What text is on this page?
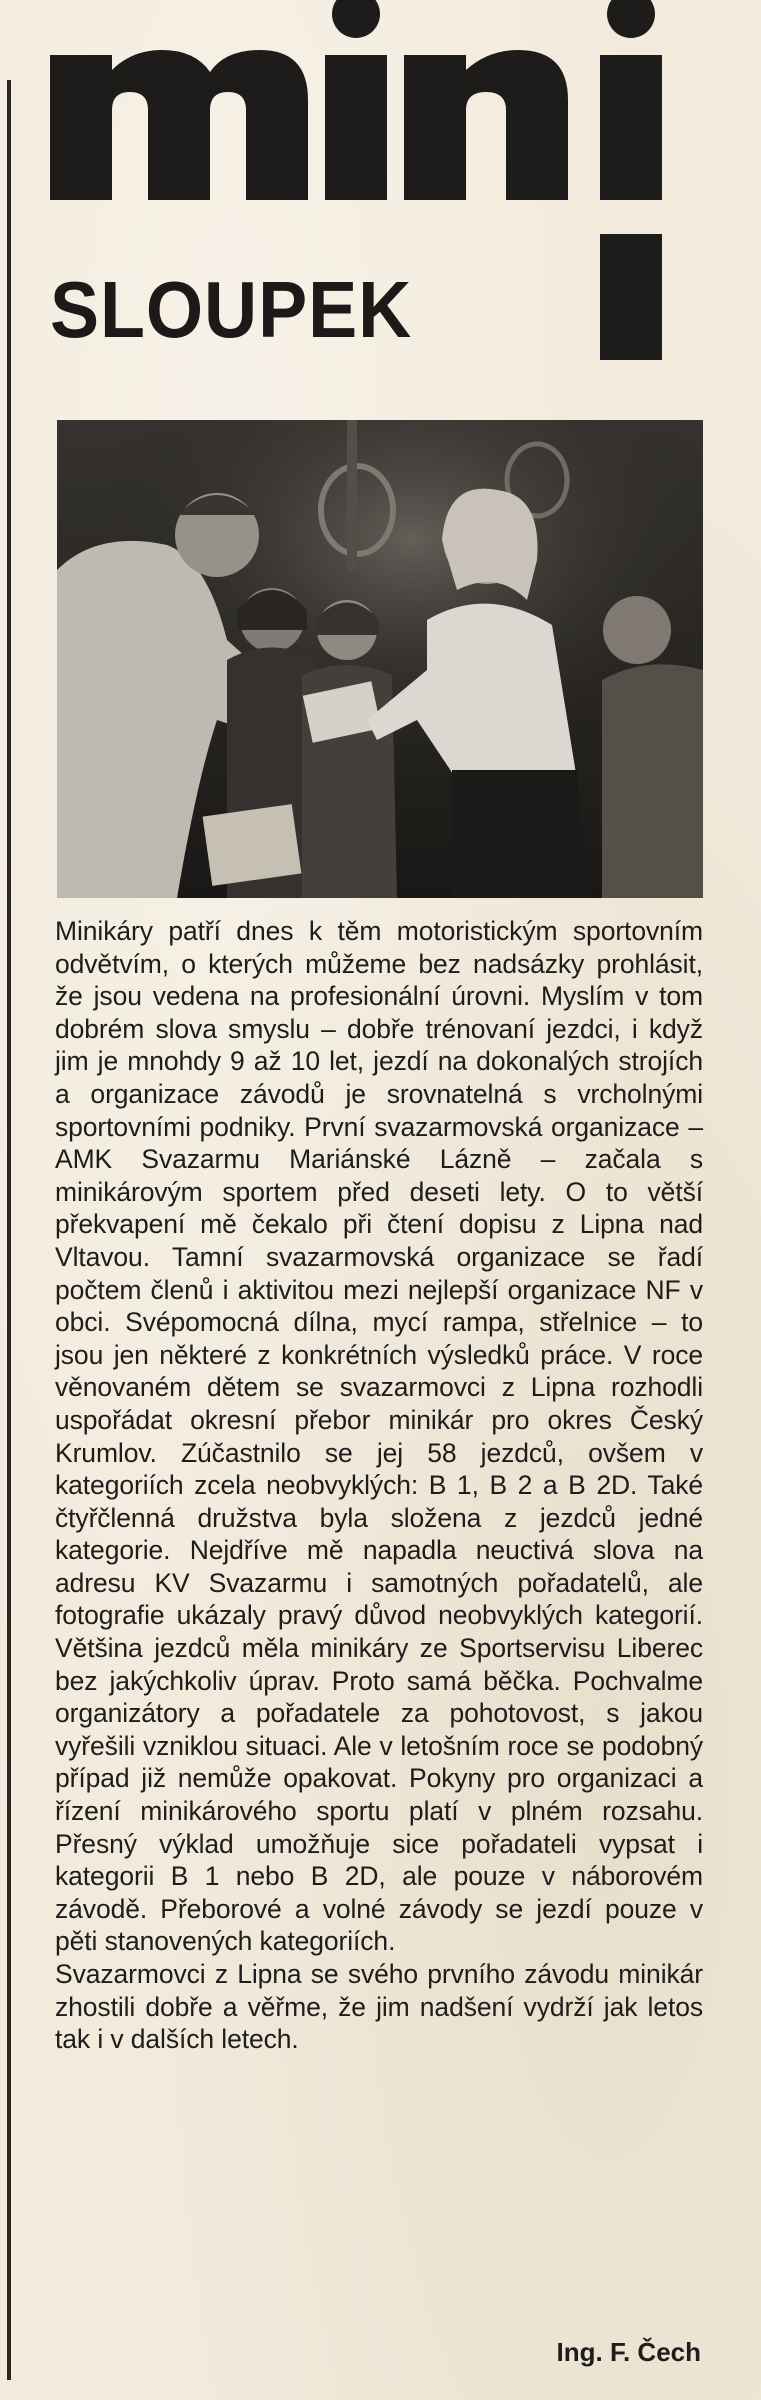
SLOUPEK

Minikáry patří dnes k těm motoristickým sportovním odvětvím, o kterých můžeme bez nadsázky prohlásit, že jsou vedena na profesionální úrovni. Myslím v tom dobrém slova smyslu – dobře trénovaní jezdci, i když jim je mnohdy 9 až 10 let, jezdí na dokonalých strojích a organizace závodů je srovnatelná s vrcholnými sportovními podniky. První svazarmovská organizace – AMK Svazarmu Mariánské Lázně – začala s minikárovým sportem před deseti lety. O to větší překvapení mě čekalo při čtení dopisu z Lipna nad Vltavou. Tamní svazarmovská organizace se řadí počtem členů i aktivitou mezi nejlepší organizace NF v obci. Svépomocná dílna, mycí rampa, střelnice – to jsou jen některé z konkrétních výsledků práce. V roce věnovaném dětem se svazarmovci z Lipna rozhodli uspořádat okresní přebor minikár pro okres Český Krumlov. Zúčastnilo se jej 58 jezdců, ovšem v kategoriích zcela neobvyklých: B 1, B 2 a B 2D. Také čtyřčlenná družstva byla složena z jezdců jedné kategorie. Nejdříve mě napadla neuctivá slova na adresu KV Svazarmu i samotných pořadatelů, ale fotografie ukázaly pravý důvod neobvyklých kategorií. Většina jezdců měla minikáry ze Sportservisu Liberec bez jakýchkoliv úprav. Proto samá běčka. Pochvalme organizátory a pořadatele za pohotovost, s jakou vyřešili vzniklou situaci. Ale v letošním roce se podobný případ již nemůže opakovat. Pokyny pro organizaci a řízení minikárového sportu platí v plném rozsahu. Přesný výklad umožňuje sice pořadateli vypsat i kategorii B 1 nebo B 2D, ale pouze v náborovém závodě. Přeborové a volné závody se jezdí pouze v pěti stanovených kategoriích.

Svazarmovci z Lipna se svého prvního závodu minikár zhostili dobře a věřme, že jim nadšení vydrží jak letos tak i v dalších letech.

Ing. F. Čech
